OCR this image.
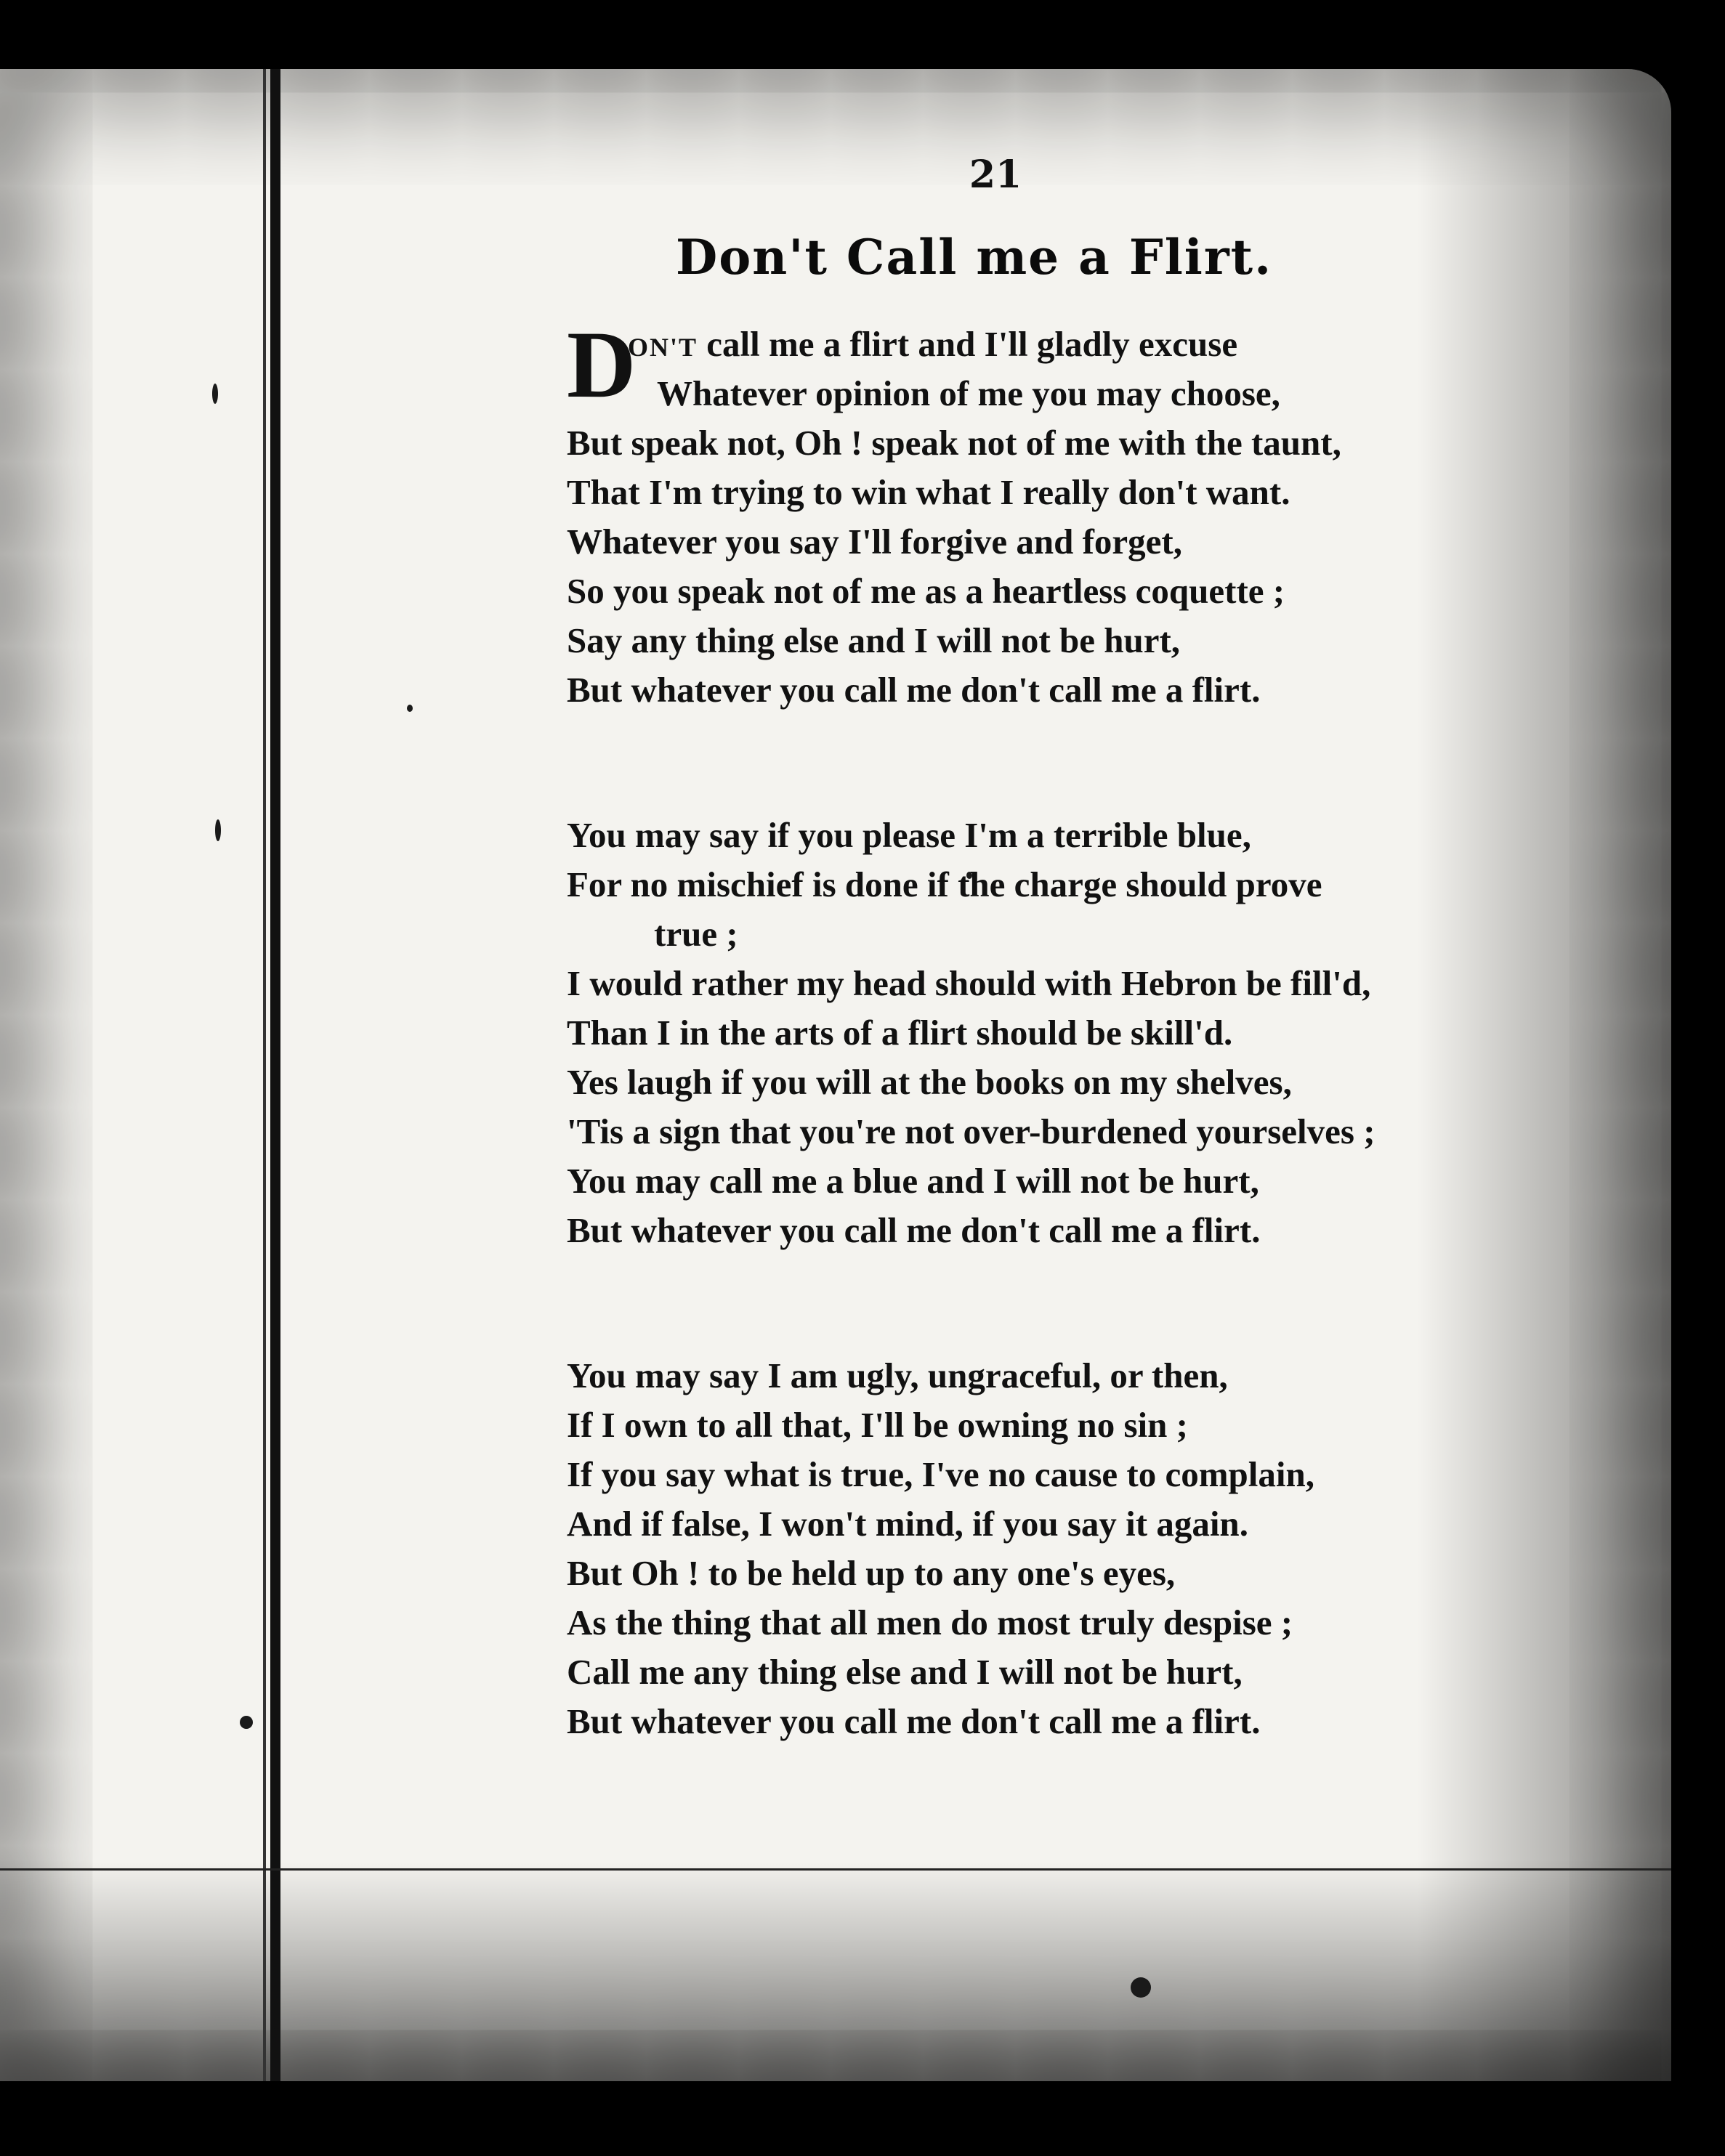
21
Don't Call me a Flirt.
D
ON'T call me a flirt and I'll gladly excuse
Whatever opinion of me you may choose,
But speak not, Oh ! speak not of me with the taunt,
That I'm trying to win what I really don't want.
Whatever you say I'll forgive and forget,
So you speak not of me as a heartless coquette ;
Say any thing else and I will not be hurt,
But whatever you call me don't call me a flirt.
You may say if you please I'm a terrible blue,
For no mischief is done if the charge should prove
true ;
I would rather my head should with Hebron be fill'd,
Than I in the arts of a flirt should be skill'd.
Yes laugh if you will at the books on my shelves,
'Tis a sign that you're not over-burdened yourselves ;
You may call me a blue and I will not be hurt,
But whatever you call me don't call me a flirt.
You may say I am ugly, ungraceful, or then,
If I own to all that, I'll be owning no sin ;
If you say what is true, I've no cause to complain,
And if false, I won't mind, if you say it again.
But Oh ! to be held up to any one's eyes,
As the thing that all men do most truly despise ;
Call me any thing else and I will not be hurt,
But whatever you call me don't call me a flirt.
